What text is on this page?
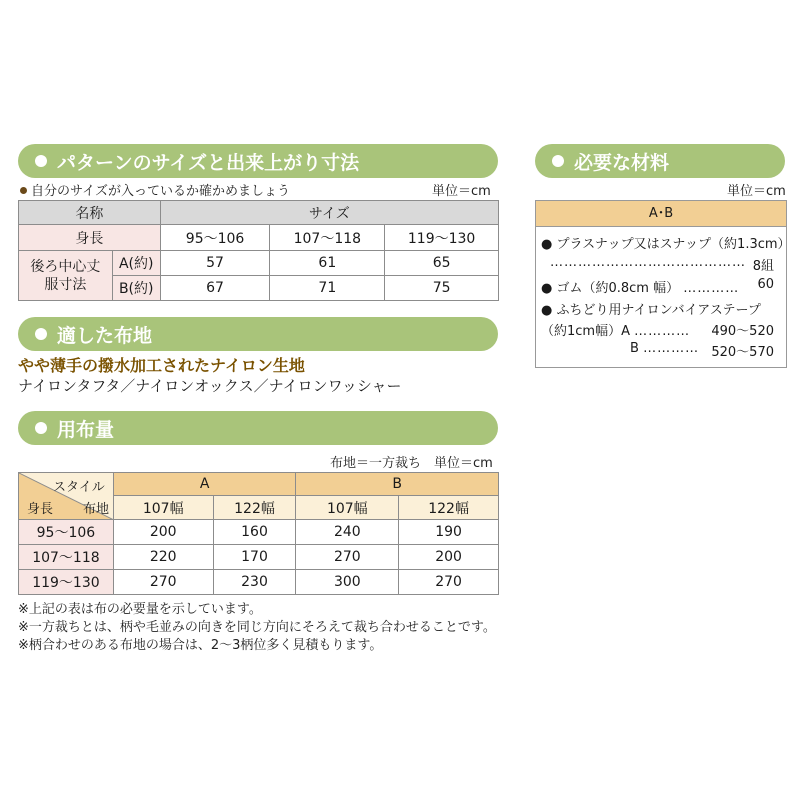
パターンのサイズと出来上がり寸法	必要な材料
自分のサイズが入っているか確かめましょう	単位＝cm	単位＝cm
名称		サイズ		
身長		95〜106	107〜118	119〜130

後ろ中心丈
服寸法	A(約)	57	61	65
	B(約)	67	71	75
A･B
● プラスナップ又はスナップ（約1.3cm）
…………………………………… 8組
● ゴム（約0.8cm 幅） ………… 60
● ふちどり用ナイロンバイアステープ
（約1cm幅）A ………… 490〜520
B ………… 520〜570
適した布地
やや薄手の撥水加工されたナイロン生地
ナイロンタフタ／ナイロンオックス／ナイロンワッシャー
用布量
布地＝一方裁ち　単位＝cm
スタイル
布地
身長	A		B	
	107幅	122幅	107幅	122幅
95〜106	200	160	240	190
107〜118	220	170	270	200
119〜130	270	230	300	270
※上記の表は布の必要量を示しています。
※一方裁ちとは、柄や毛並みの向きを同じ方向にそろえて裁ち合わせることです。
※柄合わせのある布地の場合は、2〜3柄位多く見積もります。
